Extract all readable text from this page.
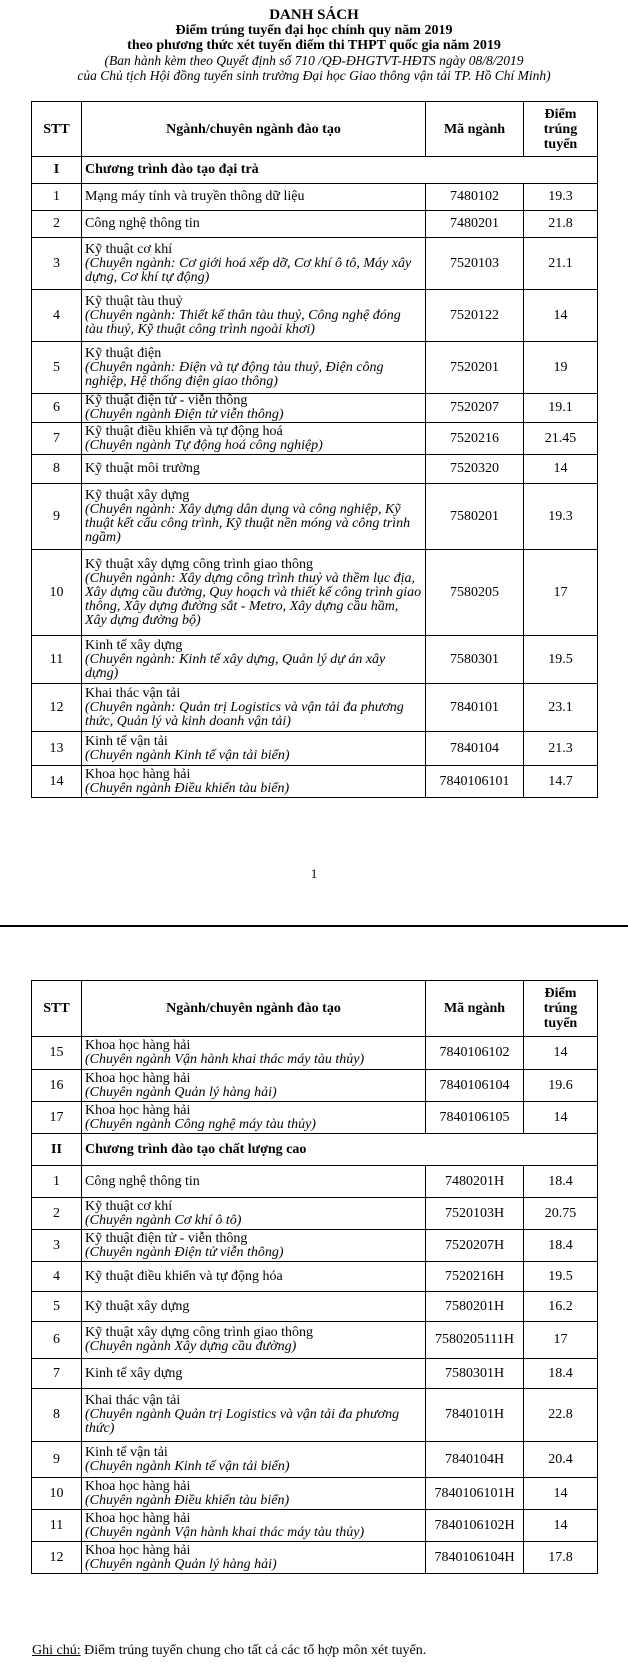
DANH SÁCH
Điểm trúng tuyển đại học chính quy năm 2019
theo phương thức xét tuyển điểm thi THPT quốc gia năm 2019
(Ban hành kèm theo Quyết định số 710 /QĐ-ĐHGTVT-HĐTS ngày 08/8/2019
của Chủ tịch Hội đồng tuyển sinh trường Đại học Giao thông vận tải TP. Hồ Chí Minh)
STT	Ngành/chuyên ngành đào tạo	Mã ngành	Điểm
trúng
tuyển

I	Chương trình đào tạo đại trà		
1	Mạng máy tính và truyền thông dữ liệu	7480102	19.3
2	Công nghệ thông tin	7480201	21.8
3	Kỹ thuật cơ khí
(Chuyên ngành: Cơ giới hoá xếp dỡ, Cơ khí ô tô, Máy xây dựng, Cơ khí tự động)	7520103	21.1
4	Kỹ thuật tàu thuỷ
(Chuyên ngành: Thiết kế thân tàu thuỷ, Công nghệ đóng tàu thuỷ, Kỹ thuật công trình ngoài khơi)	7520122	14
5	Kỹ thuật điện
(Chuyên ngành: Điện và tự động tàu thuỷ, Điện công nghiệp, Hệ thống điện giao thông)	7520201	19
6	Kỹ thuật điện tử - viễn thông
(Chuyên ngành Điện tử viễn thông)	7520207	19.1
7	Kỹ thuật điều khiển và tự động hoá
(Chuyên ngành Tự động hoá công nghiệp)	7520216	21.45
8	Kỹ thuật môi trường	7520320	14
9	Kỹ thuật xây dựng
(Chuyên ngành: Xây dựng dân dụng và công nghiệp, Kỹ thuật kết cấu công trình, Kỹ thuật nền móng và công trình ngầm)	7580201	19.3
10	Kỹ thuật xây dựng công trình giao thông
(Chuyên ngành: Xây dựng công trình thuỷ và thềm lục địa, Xây dựng cầu đường, Quy hoạch và thiết kế công trình giao thông, Xây dựng đường sắt - Metro, Xây dựng cầu hầm, Xây dựng đường bộ)	7580205	17
11	Kinh tế xây dựng
(Chuyên ngành: Kinh tế xây dựng, Quản lý dự án xây dựng)	7580301	19.5
12	Khai thác vận tải
(Chuyên ngành: Quản trị Logistics và vận tải đa phương thức, Quản lý và kinh doanh vận tải)	7840101	23.1
13	Kinh tế vận tải
(Chuyên ngành Kinh tế vận tải biển)	7840104	21.3
14	Khoa học hàng hải
(Chuyên ngành Điều khiển tàu biển)	7840106101	14.7
1
STT	Ngành/chuyên ngành đào tạo	Mã ngành	Điểm
trúng
tuyển

15	Khoa học hàng hải
(Chuyên ngành Vận hành khai thác máy tàu thủy)	7840106102	14
16	Khoa học hàng hải
(Chuyên ngành Quản lý hàng hải)	7840106104	19.6
17	Khoa học hàng hải
(Chuyên ngành Công nghệ máy tàu thủy)	7840106105	14
II	Chương trình đào tạo chất lượng cao		
1	Công nghệ thông tin	7480201H	18.4
2	Kỹ thuật cơ khí
(Chuyên ngành Cơ khí ô tô)	7520103H	20.75
3	Kỹ thuật điện tử - viễn thông
(Chuyên ngành Điện tử viễn thông)	7520207H	18.4
4	Kỹ thuật điều khiển và tự động hóa	7520216H	19.5
5	Kỹ thuật xây dựng	7580201H	16.2
6	Kỹ thuật xây dựng công trình giao thông
(Chuyên ngành Xây dựng cầu đường)	7580205111H	17
7	Kinh tế xây dựng	7580301H	18.4
8	Khai thác vận tải
(Chuyên ngành Quản trị Logistics và vận tải đa phương thức)	7840101H	22.8
9	Kinh tế vận tải
(Chuyên ngành Kinh tế vận tải biển)	7840104H	20.4
10	Khoa học hàng hải
(Chuyên ngành Điều khiển tàu biển)	7840106101H	14
11	Khoa học hàng hải
(Chuyên ngành Vận hành khai thác máy tàu thủy)	7840106102H	14
12	Khoa học hàng hải
(Chuyên ngành Quản lý hàng hải)	7840106104H	17.8
Ghi chú: Điểm trúng tuyển chung cho tất cả các tổ hợp môn xét tuyển.
